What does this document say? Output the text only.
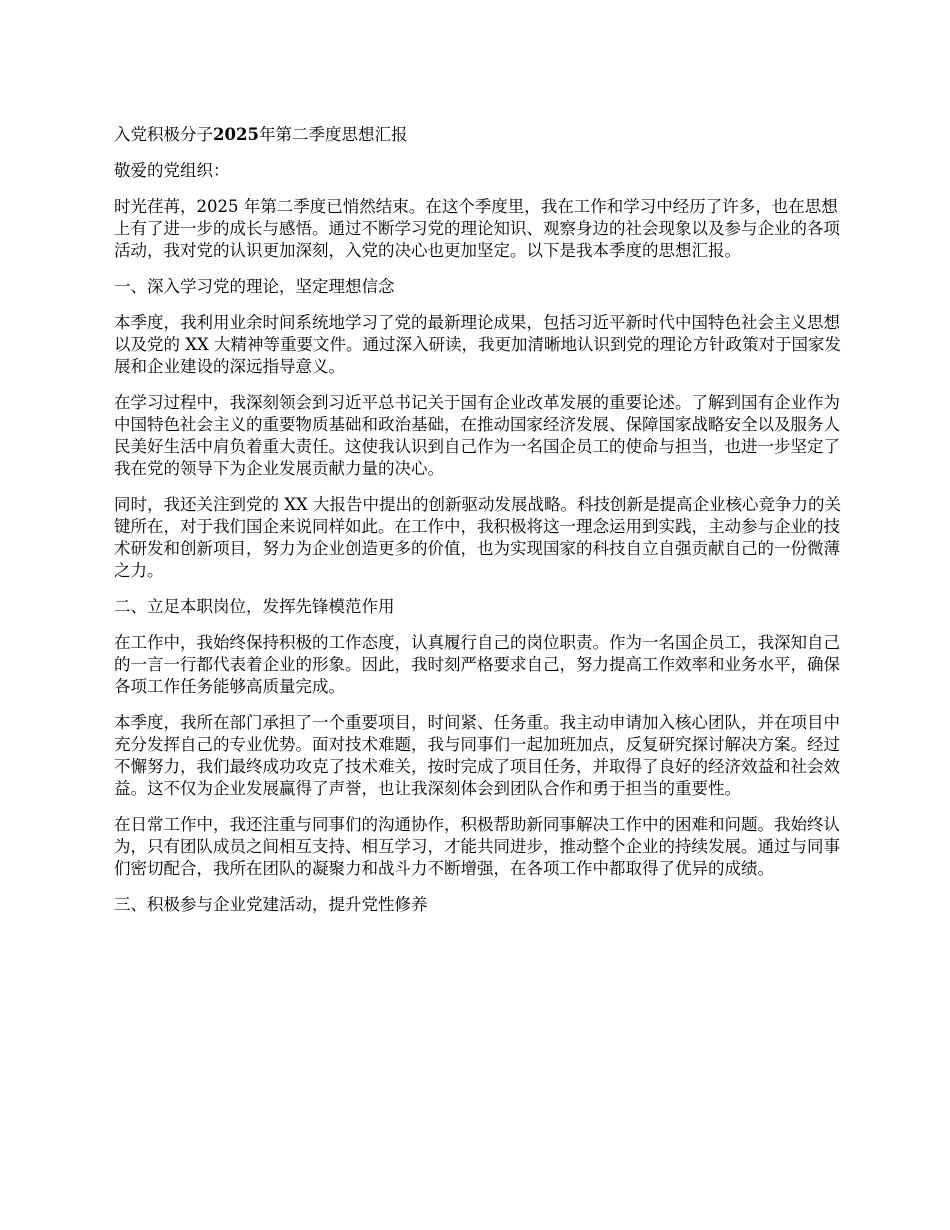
入党积极分子2025年第二季度思想汇报

敬爱的党组织：

时光荏苒，2025 年第二季度已悄然结束。在这个季度里，我在工作和学习中经历了许多，也在思想上有了进一步的成长与感悟。通过不断学习党的理论知识、观察身边的社会现象以及参与企业的各项活动，我对党的认识更加深刻，入党的决心也更加坚定。以下是我本季度的思想汇报。

一、深入学习党的理论，坚定理想信念

本季度，我利用业余时间系统地学习了党的最新理论成果，包括习近平新时代中国特色社会主义思想以及党的 XX 大精神等重要文件。通过深入研读，我更加清晰地认识到党的理论方针政策对于国家发展和企业建设的深远指导意义。

在学习过程中，我深刻领会到习近平总书记关于国有企业改革发展的重要论述。了解到国有企业作为中国特色社会主义的重要物质基础和政治基础，在推动国家经济发展、保障国家战略安全以及服务人民美好生活中肩负着重大责任。这使我认识到自己作为一名国企员工的使命与担当，也进一步坚定了我在党的领导下为企业发展贡献力量的决心。

同时，我还关注到党的 XX 大报告中提出的创新驱动发展战略。科技创新是提高企业核心竞争力的关键所在，对于我们国企来说同样如此。在工作中，我积极将这一理念运用到实践，主动参与企业的技术研发和创新项目，努力为企业创造更多的价值，也为实现国家的科技自立自强贡献自己的一份微薄之力。

二、立足本职岗位，发挥先锋模范作用

在工作中，我始终保持积极的工作态度，认真履行自己的岗位职责。作为一名国企员工，我深知自己的一言一行都代表着企业的形象。因此，我时刻严格要求自己，努力提高工作效率和业务水平，确保各项工作任务能够高质量完成。

本季度，我所在部门承担了一个重要项目，时间紧、任务重。我主动申请加入核心团队，并在项目中充分发挥自己的专业优势。面对技术难题，我与同事们一起加班加点，反复研究探讨解决方案。经过不懈努力，我们最终成功攻克了技术难关，按时完成了项目任务，并取得了良好的经济效益和社会效益。这不仅为企业发展赢得了声誉，也让我深刻体会到团队合作和勇于担当的重要性。

在日常工作中，我还注重与同事们的沟通协作，积极帮助新同事解决工作中的困难和问题。我始终认为，只有团队成员之间相互支持、相互学习，才能共同进步，推动整个企业的持续发展。通过与同事们密切配合，我所在团队的凝聚力和战斗力不断增强，在各项工作中都取得了优异的成绩。

三、积极参与企业党建活动，提升党性修养
